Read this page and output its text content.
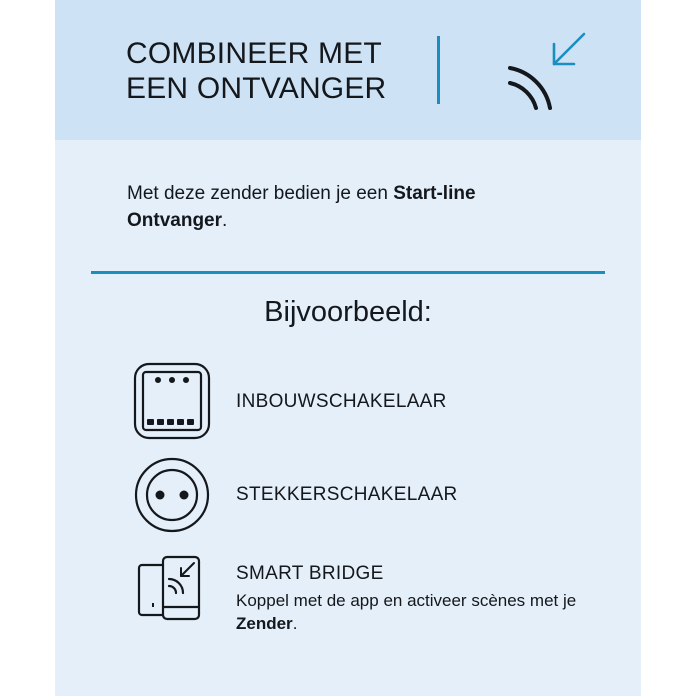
COMBINEER MET EEN ONTVANGER

Met deze zender bedien je een Start-line Ontvanger.

Bijvoorbeeld:
INBOUWSCHAKELAAR
STEKKERSCHAKELAAR
SMART BRIDGE
Koppel met de app en activeer scènes met je Zender.
